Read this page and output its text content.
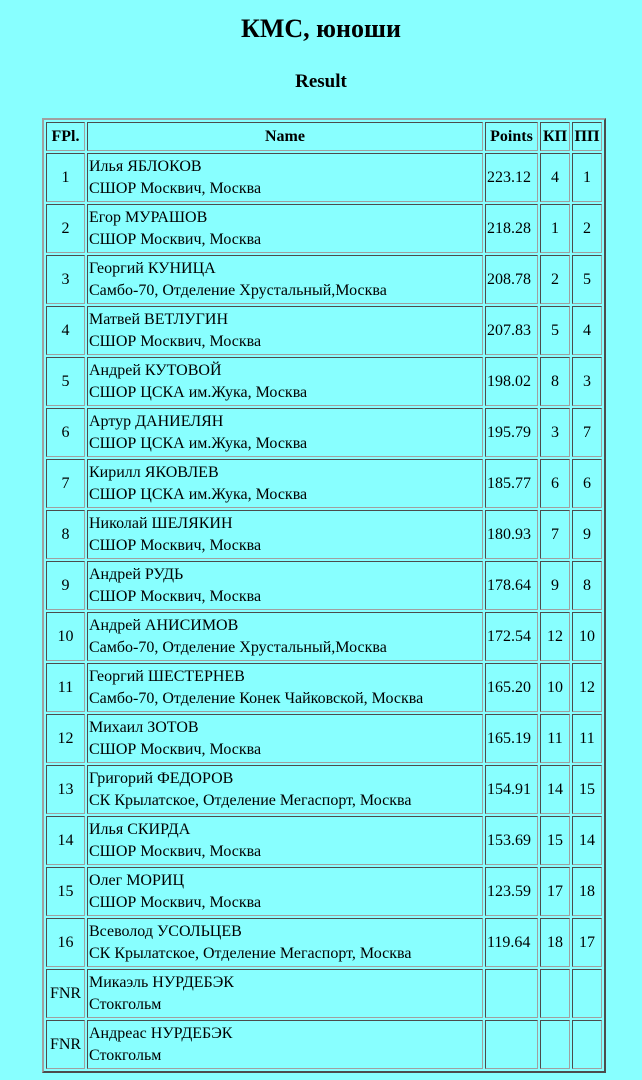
КМС, юноши
Result
FPl.	Name	Points	КП	ПП
1	Илья ЯБЛОКОВ
СШОР Москвич, Москва	223.12	4	1
2	Егор МУРАШОВ
СШОР Москвич, Москва	218.28	1	2
3	Георгий КУНИЦА
Самбо-70, Отделение Хрустальный,Москва	208.78	2	5
4	Матвей ВЕТЛУГИН
СШОР Москвич, Москва	207.83	5	4
5	Андрей КУТОВОЙ
СШОР ЦСКА им.Жука, Москва	198.02	8	3
6	Артур ДАНИЕЛЯН
СШОР ЦСКА им.Жука, Москва	195.79	3	7
7	Кирилл ЯКОВЛЕВ
СШОР ЦСКА им.Жука, Москва	185.77	6	6
8	Николай ШЕЛЯКИН
СШОР Москвич, Москва	180.93	7	9
9	Андрей РУДЬ
СШОР Москвич, Москва	178.64	9	8
10	Андрей АНИСИМОВ
Самбо-70, Отделение Хрустальный,Москва	172.54	12	10
11	Георгий ШЕСТЕРНЕВ
Самбо-70, Отделение Конек Чайковской, Москва	165.20	10	12
12	Михаил ЗОТОВ
СШОР Москвич, Москва	165.19	11	11
13	Григорий ФЕДОРОВ
СК Крылатское, Отделение Мегаспорт, Москва	154.91	14	15
14	Илья СКИРДА
СШОР Москвич, Москва	153.69	15	14
15	Олег МОРИЦ
СШОР Москвич, Москва	123.59	17	18
16	Всеволод УСОЛЬЦЕВ
СК Крылатское, Отделение Мегаспорт, Москва	119.64	18	17
FNR	Микаэль НУРДЕБЭК
Стокгольм			

FNR	Андреас НУРДЕБЭК
Стокгольм			
